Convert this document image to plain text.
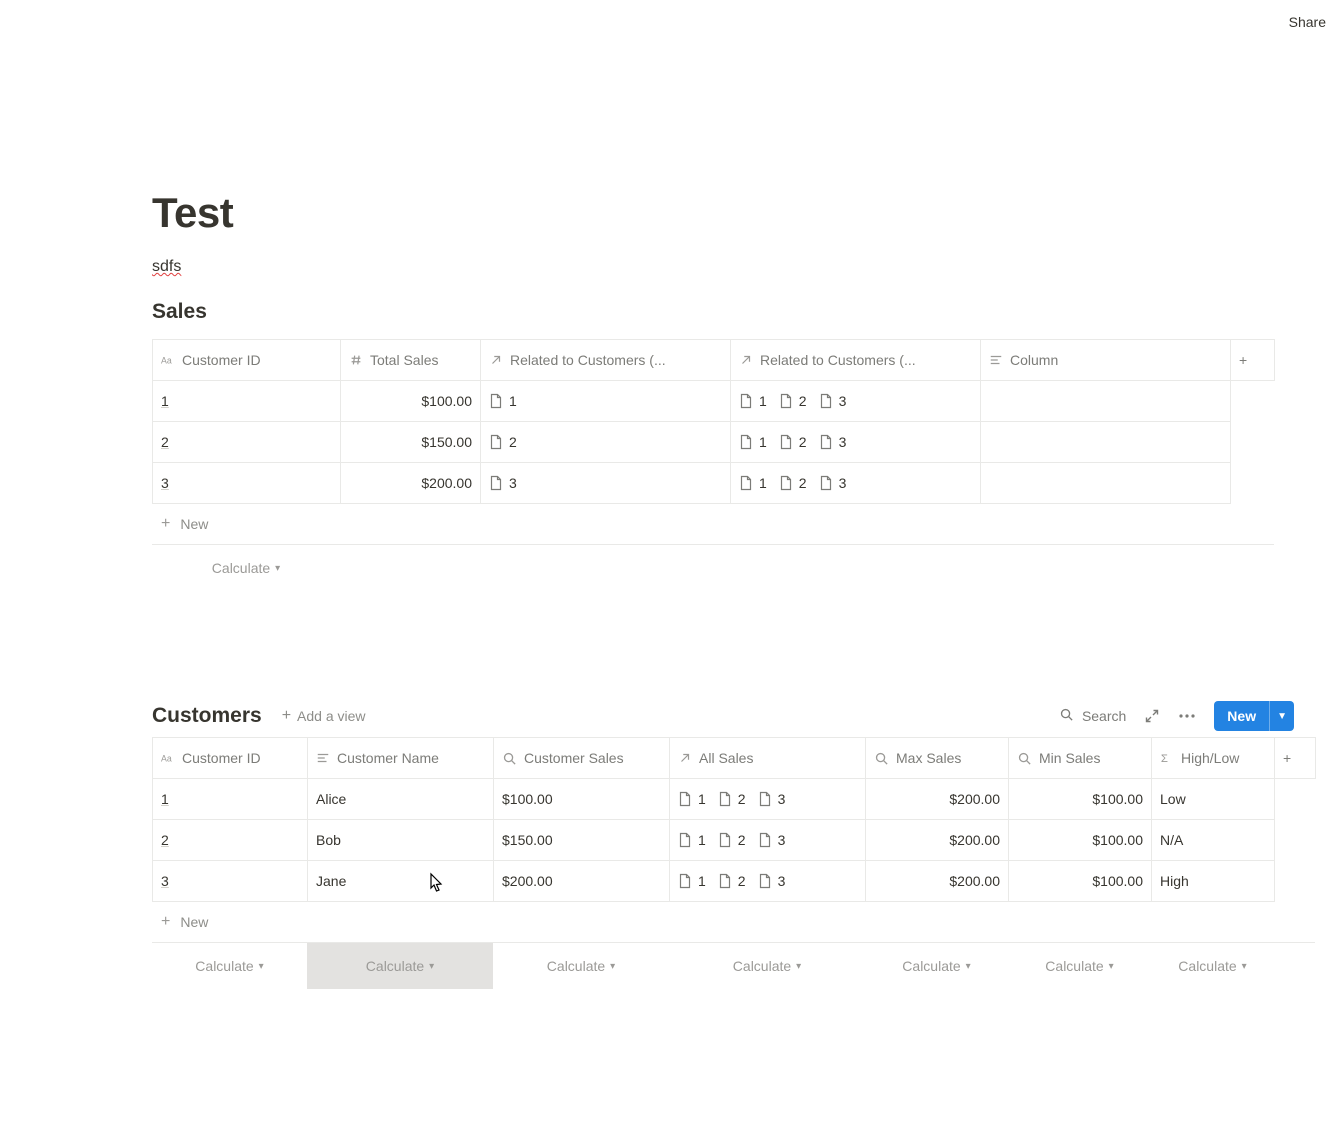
Share
Test
sdfs
Sales
Aa Customer ID	Total Sales	Related to Customers (...	Related to Customers (...	Column	+
1	$100.00	1	1 2 3		

2	$150.00	2	1 2 3		

3	$200.00	3	1 2 3		

+ New
Calculate ▾
Customers + Add a view	Search	New	▼
Aa Customer ID	Customer Name	Customer Sales	All Sales	Max Sales	Min Sales	Σ High/Low	+
1	Alice	$100.00	1 2 3	$200.00	$100.00	Low	
2	Bob	$150.00	1 2 3	$200.00	$100.00	N/A	
3	Jane	$200.00	1 2 3	$200.00	$100.00	High	
+ New
Calculate ▾	Calculate ▾	Calculate ▾	Calculate ▾	Calculate ▾	Calculate ▾	Calculate ▾
